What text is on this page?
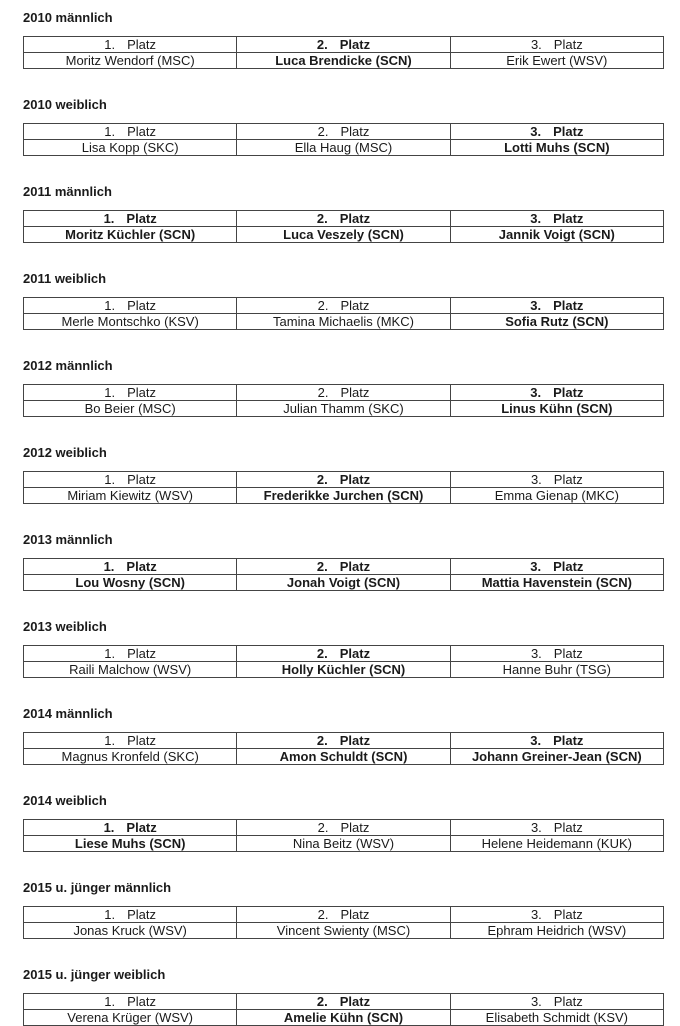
2010 männlich
1. Platz	2. Platz	3. Platz
Moritz Wendorf (MSC)	Luca Brendicke (SCN)	Erik Ewert (WSV)
2010 weiblich
1. Platz	2. Platz	3. Platz
Lisa Kopp (SKC)	Ella Haug (MSC)	Lotti Muhs (SCN)
2011 männlich
1. Platz	2. Platz	3. Platz
Moritz Küchler (SCN)	Luca Veszely (SCN)	Jannik Voigt (SCN)
2011 weiblich
1. Platz	2. Platz	3. Platz
Merle Montschko (KSV)	Tamina Michaelis (MKC)	Sofia Rutz (SCN)
2012 männlich
1. Platz	2. Platz	3. Platz
Bo Beier (MSC)	Julian Thamm (SKC)	Linus Kühn (SCN)
2012 weiblich
1. Platz	2. Platz	3. Platz
Miriam Kiewitz (WSV)	Frederikke Jurchen (SCN)	Emma Gienap (MKC)
2013 männlich
1. Platz	2. Platz	3. Platz
Lou Wosny (SCN)	Jonah Voigt (SCN)	Mattia Havenstein (SCN)
2013 weiblich
1. Platz	2. Platz	3. Platz
Raili Malchow (WSV)	Holly Küchler (SCN)	Hanne Buhr (TSG)
2014 männlich
1. Platz	2. Platz	3. Platz
Magnus Kronfeld (SKC)	Amon Schuldt (SCN)	Johann Greiner-Jean (SCN)
2014 weiblich
1. Platz	2. Platz	3. Platz
Liese Muhs (SCN)	Nina Beitz (WSV)	Helene Heidemann (KUK)
2015 u. jünger männlich
1. Platz	2. Platz	3. Platz
Jonas Kruck (WSV)	Vincent Swienty (MSC)	Ephram Heidrich (WSV)
2015 u. jünger weiblich
1. Platz	2. Platz	3. Platz
Verena Krüger (WSV)	Amelie Kühn (SCN)	Elisabeth Schmidt (KSV)
